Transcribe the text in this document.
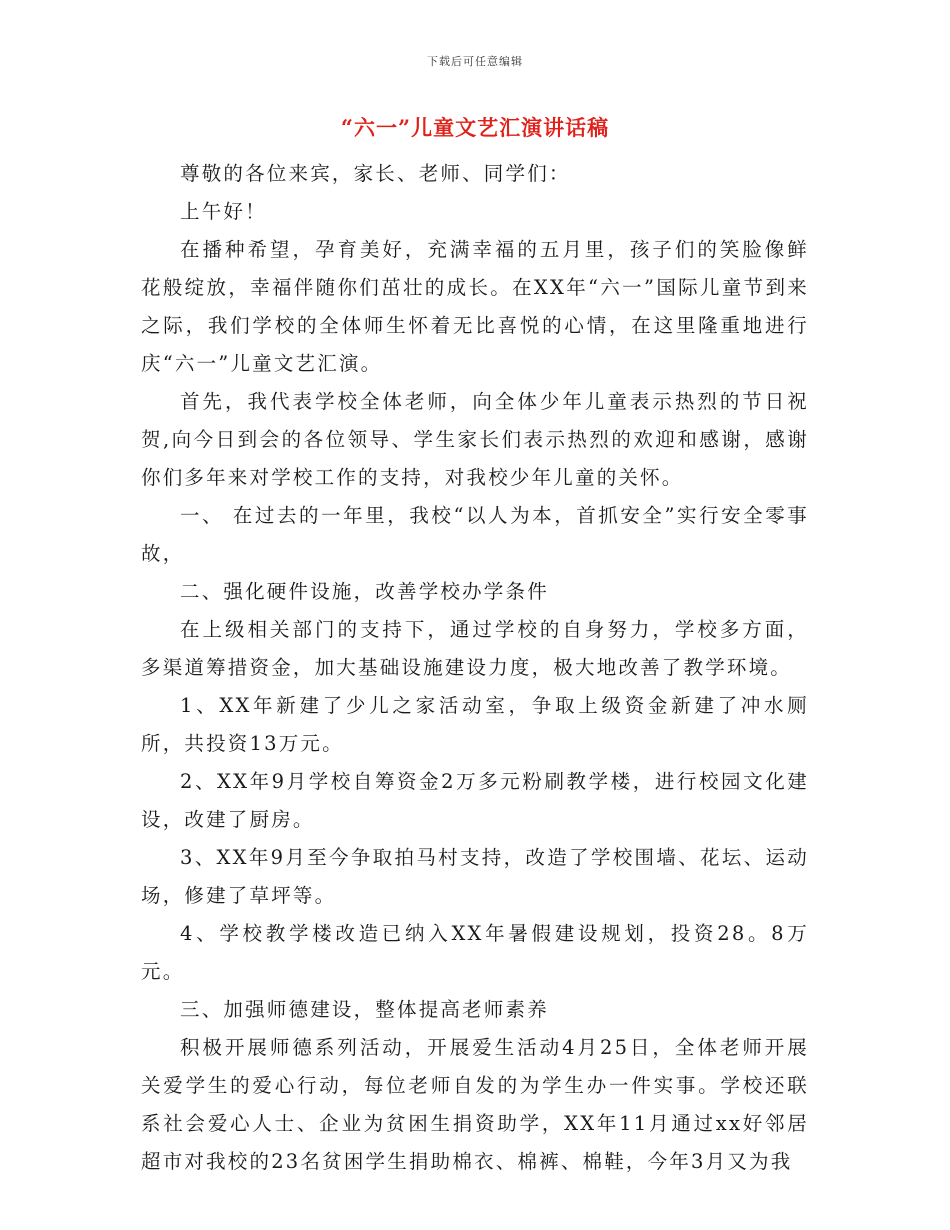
下载后可任意编辑
“六一”儿童文艺汇演讲话稿

尊敬的各位来宾，家长、老师、同学们：

上午好！

在播种希望，孕育美好，充满幸福的五月里，孩子们的笑脸像鲜花般绽放，幸福伴随你们茁壮的成长。在XX年“六一”国际儿童节到来之际，我们学校的全体师生怀着无比喜悦的心情，在这里隆重地进行庆“六一”儿童文艺汇演。

首先，我代表学校全体老师，向全体少年儿童表示热烈的节日祝贺,向今日到会的各位领导、学生家长们表示热烈的欢迎和感谢，感谢你们多年来对学校工作的支持，对我校少年儿童的关怀。

一、 在过去的一年里，我校“以人为本，首抓安全”实行安全零事故，

二、强化硬件设施，改善学校办学条件

在上级相关部门的支持下，通过学校的自身努力，学校多方面，多渠道筹措资金，加大基础设施建设力度，极大地改善了教学环境。

1、XX年新建了少儿之家活动室，争取上级资金新建了冲水厕所，共投资13万元。

2、XX年9月学校自筹资金2万多元粉刷教学楼，进行校园文化建设，改建了厨房。

3、XX年9月至今争取拍马村支持，改造了学校围墙、花坛、运动场，修建了草坪等。

4、学校教学楼改造已纳入XX年暑假建设规划，投资28。8万元。

三、加强师德建设，整体提高老师素养

积极开展师德系列活动，开展爱生活动4月25日，全体老师开展关爱学生的爱心行动，每位老师自发的为学生办一件实事。学校还联系社会爱心人士、企业为贫困生捐资助学，XX年11月通过xx好邻居超市对我校的23名贫困学生捐助棉衣、棉裤、棉鞋，今年3月又为我
